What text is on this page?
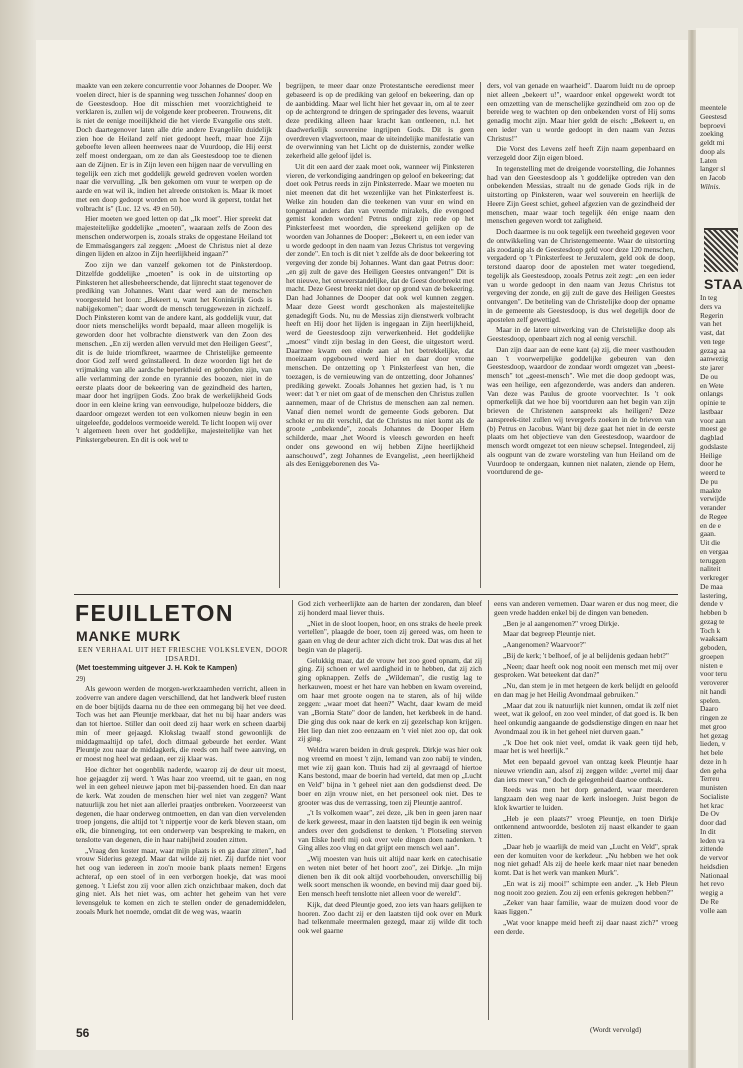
maakte van een zekere concurrentie voor Johannes de Dooper. We voelen direct, hier is de spanning weg tusschen Johannes' doop en de Geestesdoop. Hoe dit misschien met voorzichtigheid te verklaren is, zullen wij de volgende keer probeeren. Trouwens, dit is niet de eenige moeilijkheid die het vierde Evangelie ons stelt. Doch daartegenover laten alle drie andere Evangeliën duidelijk zien hoe de Heiland zelf niet gedoopt heeft, maar hoe Zijn geboefte leven alleen heenwees naar de Vuurdoop, die Hij eerst zelf moest ondergaan, om ze dan als Geestesdoop toe te dienen aan de Zijnen. Er is in Zijn leven een hijgen naar de vervulling en tegelijk een zich met goddelijk geweld gedreven voelen worden naar die vervulling. „Ik ben gekomen om vuur te werpen op de aarde en wat wil ik, indien het alreede ontstoken is. Maar ik moet met een doop gedoopt worden en hoe word ik geperst, totdat het volbracht is" (Luc. 12 vs. 49 en 50).

Hier moeten we goed letten op dat „Ik moet". Hier spreekt dat majesteitelijke goddelijke „moeten", waaraan zelfs de Zoon des menschen onderworpen is, zooals straks de opgestane Heiland tot de Emmaüsgangers zal zeggen: „Moest de Christus niet al deze dingen lijden en alzoo in Zijn heerlijkheid ingaan?"

Zoo zijn we dan vanzelf gekomen tot de Pinksterdoop. Ditzelfde goddelijke „moeten" is ook in de uitstorting op Pinksteren het allesbeheerschende, dat lijnrecht staat tegenover de prediking van Johannes. Want daar werd aan de menschen voorgesteld het loon: „Bekeert u, want het Koninkrijk Gods is nabijgekomen"; daar wordt de mensch teruggewezen in zichzelf. Doch Pinksteren komt van de andere kant, als goddelijk vuur, dat door niets menschelijks wordt bepaald, maar alleen mogelijk is geworden door het volbrachte dienstwerk van den Zoon des menschen. „En zij werden allen vervuld met den Heiligen Geest", dit is de luide triomfkreet, waarmee de Christelijke gemeente door God zelf werd geïnstalleerd. In deze woorden ligt het de vrijmaking van alle aardsche beperktheid en gebonden zijn, van alle verlamming der zonde en tyrannie des boozen, niet in de eerste plaats door de bekeering van de gezindheid des harten, maar door het ingrijpen Gods. Zoo brak de werkelijkheid Gods door in een kleine kring van eenvoudige, hulpelooze bidders, die daardoor omgezet werden tot een volkomen nieuw begin in een uitgeleefde, goddeloos vermoeide wereld. Te licht loopen wij over 't algemeen heen over het goddelijke, majesteitelijke van het Pinkstergebeuren. En dit is ook wel te

begrijpen, te meer daar onze Protestantsche eeredienst meer gebaseerd is op de prediking van geloof en bekeering, dan op de aanbidding. Maar wel licht hier het gevaar in, om al te zeer op de achtergrond te dringen de springader des levens, waaruit deze prediking alleen haar kracht kan ontleenen, n.l. het daadwerkelijk souvereine ingrijpen Gods. Dit is geen overdreven vlagvertoon, maar de uiteindelijke manifestatie van de overwinning van het Licht op de duisternis, zonder welke zekerheid alle geloof ijdel is.

Uit dit een aard der zaak moet ook, wanneer wij Pinksteren vieren, de verkondiging aandringen op geloof en bekeering; dat doet ook Petrus reeds in zijn Pinksterrede. Maar we moeten nu niet meenen dat dit het wezenlijke van het Pinksterfeest is. Welke zin houden dan die teekenen van vuur en wind en tongentaal anders dan van vreemde mirakels, die evengoed gemist konden worden! Petrus ondigt zijn rede op het Pinksterfeest met woorden, die spreekend gelijken op de woorden van Johannes de Dooper: „Bekeert u, en een ieder van u worde gedoopt in den naam van Jezus Christus tot vergeving der zonde". En toch is dit niet 't zelfde als de door bekeering tot vergeving der zonde bij Johannes. Want dan gaat Petrus door: „en gij zult de gave des Heiligen Geestes ontvangen!" Dit is het nieuwe, het onweerstandelijke, dat de Geest doorbreekt met macht. Deze Geest breekt niet door op grond van de bekeering. Dan had Johannes de Dooper dat ook wel kunnen zeggen. Maar deze Geest wordt geschonken als majesteitelijke genadegift Gods. Nu, nu de Messias zijn dienstwerk volbracht heeft en Hij door het lijden is ingegaan in Zijn heerlijkheid, werd de Geestesdoop zijn verwerkenheid. Het goddelijke „moest" vindt zijn beslag in den Geest, die uitgestort werd. Daarmee kwam een einde aan al het betrekkelijke, dat moeizaam opgebouwd werd hier en daar door vrome menschen. De ontzetting op 't Pinksterfeest van hen, die toezagen, is de vernieuwing van de ontzetting, door Johannes' prediking gewekt. Zooals Johannes het gezien had, is 't nu weer: dat 't er niet om gaat of de menschen den Christus zullen aannemen, maar of de Christus de menschen aan zal nemen. Vanaf dien nemel wordt de gemeente Gods geboren. Dat schokt er nu dit verschil, dat de Christus nu niet komt als de groote „onbekende", zooals Johannes de Dooper Hem schilderde, maar „het Woord is vleesch geworden en heeft onder ons gewoond en wij hebben Zijne heerlijkheid aanschouwd", zegt Johannes de Evangelist, „een heerlijkheid als des Eeniggeborenen des Va-

ders, vol van genade en waarheid". Daarom luidt nu de oproep niet alleen „bekeert u!", waardoor enkel opgewekt wordt tot een omzetting van de menschelijke gezindheid om zoo op de bereide weg te wachten op den onbekenden vorst of Hij soms genadig mocht zijn. Maar hier geldt de eisch: „Bekeert u, en een ieder van u worde gedoopt in den naam van Jezus Christus!"

Die Vorst des Levens zelf heeft Zijn naam gepenbaard en verzegeld door Zijn eigen bloed.

In tegenstelling met de dreigende voorstelling, die Johannes had van den Geestesdoop als 't goddelijke optreden van den onbekenden Messias, straalt nu de genade Gods rijk in de uitstorting op Pinksteren, waar wel souverein en heerlijk de Heere Zijn Geest schiet, geheel afgezien van de gezindheid der menschen, maar waar toch tegelijk één enige naam den menschen gegeven wordt tot zaligheid.

Doch daarmee is nu ook tegelijk een tweeheid gegeven voor de ontwikkeling van de Christengemeente. Waar de uitstorting als zoodanig als de Geestesdoop geld voor deze 120 menschen, vergaderd op 't Pinksterfeest te Jeruzalem, geld ook de doop, terstond daarop door de apostelen met water toegediend, tegelijk als Geestesdoop, zooals Petrus zeit zegt: „en een ieder van u worde gedoopt in den naam van Jezus Christus tot vergeving der zonde, en gij zult de gave des Heiligen Geestes ontvangen". De betiteling van de Christelijke doop der opname in de gemeente als Geestesdoop, is dus wel degelijk door de apostelen zelf gewettigd.

Maar in de latere uitwerking van de Christelijke doop als Geestesdoop, openbaart zich nog al eenig verschil.

Dan zijn daar aan de eene kant (a) zij, die meer vasthouden aan 't voorwerpelijke goddelijke gebeuren van den Geestesdoop, waardoor de zondaar wordt omgezet van „beest-mensch" tot „geest-mensch". Wie met die doop gedoopt was, was een heilige, een afgezonderde, was anders dan anderen. Van deze was Paulus de groote voorvechter. Is 't ook opmerkelijk dat we hoe bij voortduren aan het begin van zijn brieven de Christenen aanspreekt als heiligen? Deze aanspreek-titel zullen wij tevergeefs zoeken in de brieven van (b) Petrus en Jacobus. Want bij deze gaat het niet in de eerste plaats om het objectieve van den Geestesdoop, waardoor de mensch wordt omgezet tot een nieuw schepsel. Integendeel, zij als oogpunt van de zware worsteling van hun Heiland om de Vuurdoop te ondergaan, kunnen niet nalaten, ziende op Hem, voortdurend de ge-

FEUILLETON
MANKE MURK
EEN VERHAAL UIT HET FRIESCHE VOLKSLEVEN, DOOR IDSARDI.
(Met toestemming uitgever J. H. Kok te Kampen)
29)

Als gewoon werden de morgen-werkzaamheden verricht, alleen in zoóverre van andere dagen verschillend, dat het landwerk bleef rusten en de boer bijtijds daarna nu de thee een ommegang bij het vee deed. Toch was het aan Pleuntje merkbaar, dat het nu bij haar anders was dan tot hiertoe. Stiller dan ooit deed zij haar werk en scheen daarbij min of meer gejaagd. Klokslag twaalf stond gewoonlijk de middagmaaltijd op tafel, doch ditmaal gebeurde het eerder. Want Pleuntje zou naar de middagkerk, die reeds om half twee aanving, en er moest nog heel wat gedaan, eer zij klaar was.

Hoe dichter het oogenblik naderde, waarop zij de deur uit moest, hoe gejaagder zij werd. 't Was haar zoo vreemd, uit te gaan, en nog wel in een geheel nieuwe japon met bij-passenden hoed. En dan naar de kerk. Wat zouden de menschen hier wel niet van zeggen? Want natuurlijk zou het niet aan allerlei praatjes ontbreken. Voorzeeerst van degenen, die haar onderweg ontmoetten, en dan van dien vervelenden troep jongens, die altijd tot 't nippertje voor de kerk bleven staan, om elk, die binnenging, tot een onderwerp van bespreking te maken, en tenslotte van degenen, die in haar nabijheid zouden zitten.

„Vraag den koster maar, waar mijn plaats is en ga daar zitten", had vrouw Siderius gezegd. Maar dat wilde zij niet. Zij durfde niet voor het oog van iedereen in zoo'n mooie bank plaats nemen! Ergens achteraf, op een stoel of in een verborgen hoekje, dat was mooi genoeg. 't Liefst zou zij voor allen zich onzichtbaar maken, doch dat ging niet. Als het niet was, om achter het geheim van het vere levensgeluk te komen en zich te stellen onder de genademiddelen, zooals Murk het noemde, omdat dit de weg was, waarin

God zich verheerlijkte aan de harten der zondaren, dan bleef zij honderd maal liever thuis.

„Niet in de sloot loopen, hoor, en ons straks de heele preek vertellen", plaagde de boer, toen zij gereed was, om heen te gaan en vlug de deur achter zich dicht trok. Dat was dus al het begin van de plagerij.

Gelukkig maar, dat de vrouw het zoo goed opnam, dat zij ging. Zij schoen er wel aardigheid in te hebben, dat zij zich ging opknappen. Zelfs de „Wildeman", die rustig lag te herkauwen, moest er het hare van hebben en kwam overeind, om haar met groote oogen na te staren, als of hij wilde zeggen: „waar moet dat heen?" Wacht, daar kwam de meid van „Bornia State" door de landen, het kerkbeek in de hand. Die ging dus ook naar de kerk en zij gezelschap kon krijgen. Het liep dan niet zoo eenzaam en 't viel niet zoo op, dat ook zij ging.

Weldra waren beiden in druk gesprek. Dirkje was hier ook nog vreemd en moest 't zijn, lemand van zoo nabij te vinden, met wie zij gaan kon. Thuis had zij al gevraagd of hiertoe Kans bestond, maar de boerin had verteld, dat men op „Lucht en Veld" bijna in 't geheel niet aan den godsdienst deed. De boer en zijn vrouw niet, en het personeel ook niet. Des te grooter was dus de verrassing, toen zij Pleuntje aantrof.

„'t Is volkomen waar", zei deze, „ik ben in geen jaren naar de kerk geweest, maar in den laatsten tijd begin ik een weinig anders over den godsdienst te denken. 't Plotseling sterven van Elske heeft mij ook over vele dingen doen nadenken. 't Ging alles zoo vlug en dat grijpt een mensch wel aan".

„Wij moesten van huis uit altijd naar kerk en catechisatie en weten niet beter of het hoort zoo", zei Dirkje. „In mijn dienen ben ik dit ook altijd voorbehouden, onverschillig bij welk soort menschen ik woonde, en bevind mij daar goed bij. Een mensch heeft tenslotte niet alleen voor de wereld".

Kijk, dat deed Pleuntje goed, zoo iets van haars gelijken te hooren. Zoo dacht zij er den laatsten tijd ook over en Murk had telkenmale meermalen gezegd, maar zij wilde dit toch ook wel gaarne

eens van anderen vernemen. Daar waren er dus nog meer, die geen vrede hadden enkel bij de dingen van beneden.

„Ben je al aangenomen?" vroeg Dirkje.

Maar dat begreep Pleuntje niet.

„Aangenomen? Waarvoor?"

„Bij de kerk; 't belhoef, of je al belijdenis gedaan hebt?"

„Neen; daar heeft ook nog nooit een mensch met mij over gesproken. Wat beteekent dat dan?"

„Nu, dan stem je in met hetgeen de kerk belijdt en geloofd en dan mag je het Heilig Avondmaal gebruiken."

„Maar dat zou ik natuurlijk niet kunnen, omdat ik zelf niet weet, wat ik geloof, en zoo veel minder, of dat goed is. Ik ben heel onkundig aangaande de godsdienstige dingen en naar het Avondmaal zou ik in het geheel niet durven gaan."

„'k Doe het ook niet veel, omdat ik vaak geen tijd heb, maar het is wel heerlijk."

Met een bepaald gevoel van ontzag keek Pleuntje haar nieuwe vriendin aan, alsof zij zeggen wilde: „vertel mij daar dan iets meer van," doch de gelegenheid daartoe ontbrak.

Reeds was men het dorp genaderd, waar meerderen langzaam den weg naar de kerk insloegen. Juist begon de klok kwartier te luiden.

„Heb je een plaats?" vroeg Pleuntje, en toen Dirkje ontkennend antwoordde, besloten zij naast elkander te gaan zitten.

„Daar heb je waarlijk de meid van „Lucht en Veld", sprak een der komuiten voor de kerkdeur. „Nu hebben we het ook nog niet gehad! Als zij de heele kerk maar niet naar beneden komt. Dat is het werk van manken Murk".

„En wat is zij mooi!" schimpte een ander. „'k Heb Pleun nog nooit zoo gezien. Zou zij een erfenis gekregen hebben?"

„Zeker van haar familie, waar de muizen dood voor de kaas liggen."

„Wat voor knappe meid heeft zij daar naast zich?" vroeg een derde.

56	(Wordt vervolgd)
meentele
Geestesd
beproevi
zoeking
geldt mi
doop als
Laten
langer sl
en Jacob
Wilnis.
STAA
In teg
ders va
Regerin
van het
vast, dat
ven tege
gezag aa
aanwezig
ste jarer
De ou
en Wete
onlangs
opinie te
lastbaar
voor aan
moest ge
dagblad
godslaste
Heilige
door he
weerd te
De pu
maakte
verwijde
verander
de Regee
en de e
gaan.
Uit die
en vergaa
teruggen
naliteit
verkreger
De maa
lastering,
dende v
hebben b
gezag te
Toch k
waaksam
geboden,
groepen
nisten e
voor teru
veroverer
nit handi
spelen.
Daaro
ringen ze
met groo
het gezag
lieden, v
het bele
deze in h
den geha
Terreu
munisten
Socialiste
het krac
De Ov
door dad
In dit
leden va
zittende
de vervor
heidsdien
Nationaal
het revo
wegig a
De Re
volle aan
